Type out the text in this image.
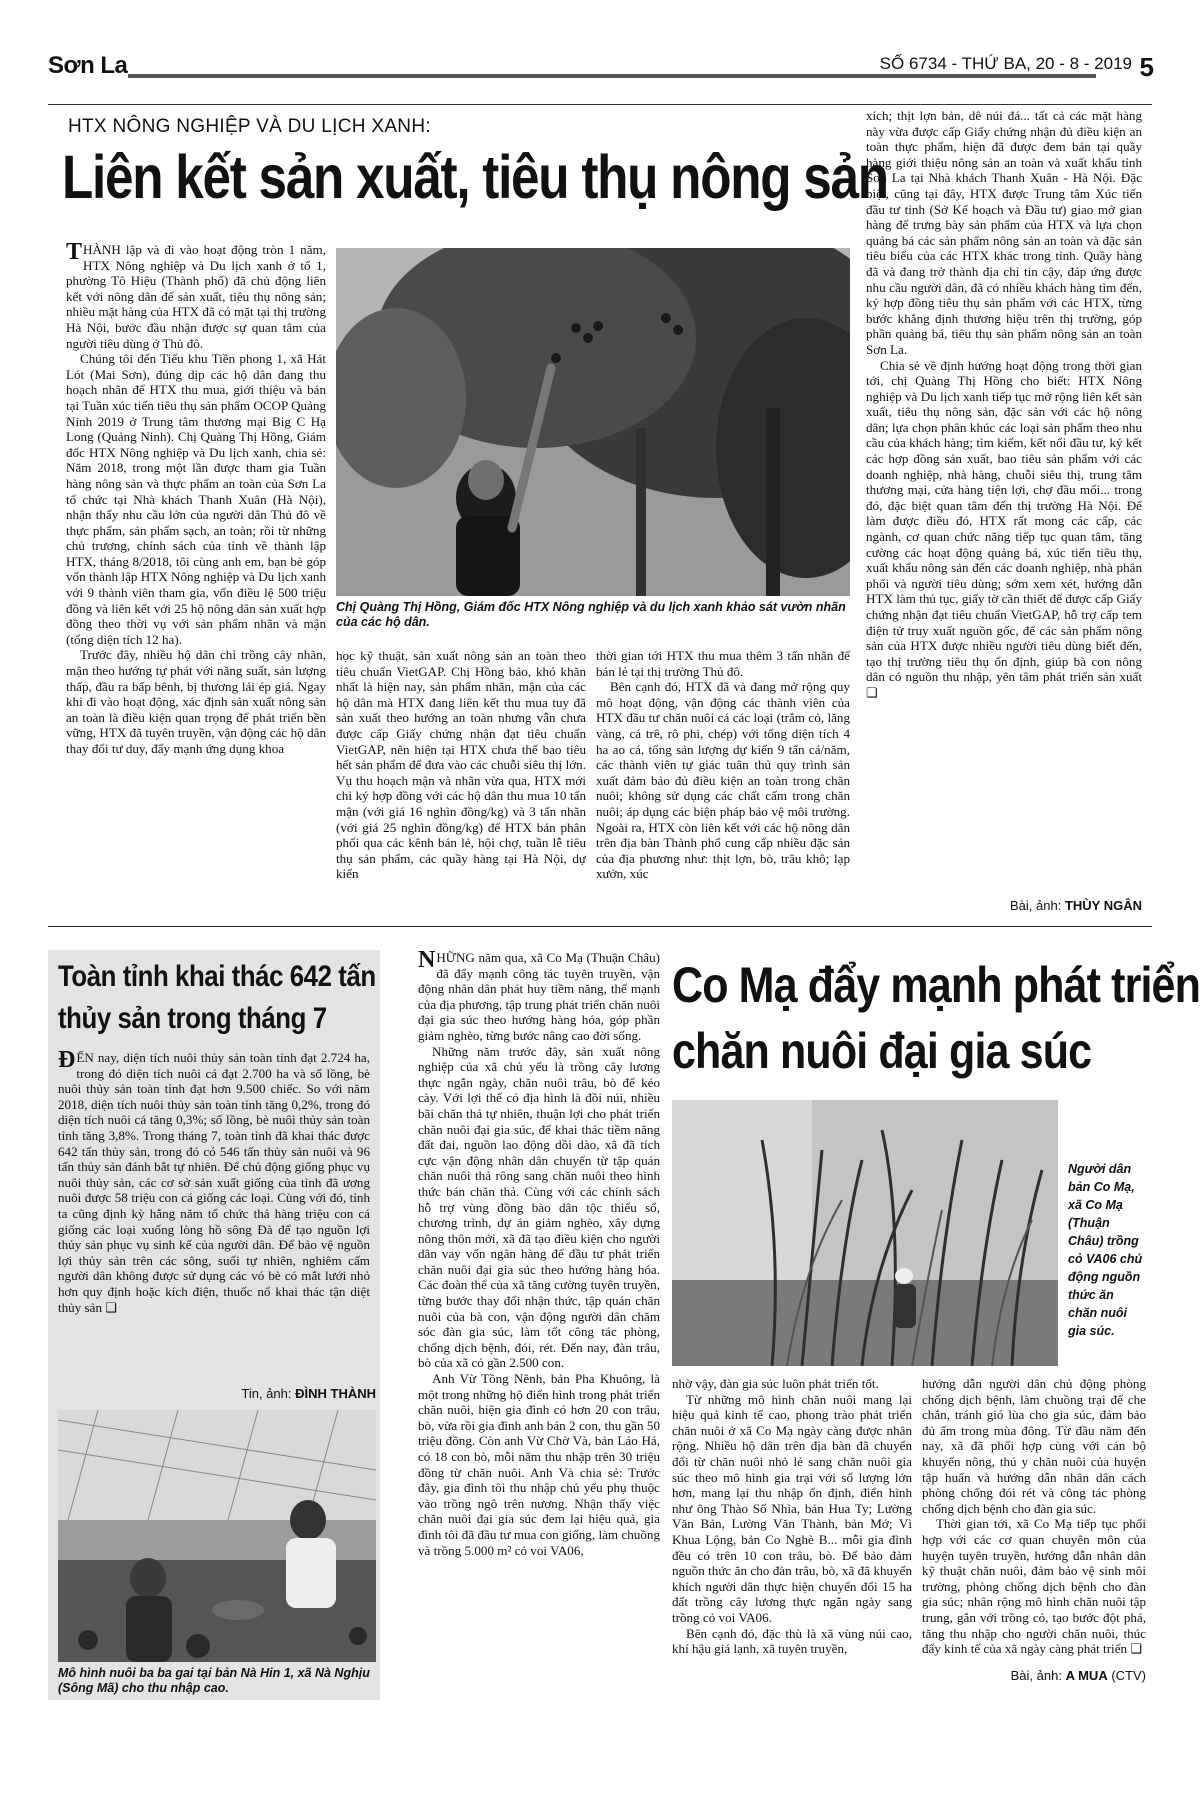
Sơn La	SỐ 6734 - THỨ BA, 20 - 8 - 2019 5
HTX NÔNG NGHIỆP VÀ DU LỊCH XANH:
Liên kết sản xuất, tiêu thụ nông sản
Chị Quàng Thị Hồng, Giám đốc HTX Nông nghiệp và du lịch xanh khảo sát vườn nhãn của các hộ dân.

THÀNH lập và đi vào hoạt động tròn 1 năm, HTX Nông nghiệp và Du lịch xanh ở tổ 1, phường Tô Hiệu (Thành phố) đã chủ động liên kết với nông dân để sản xuất, tiêu thụ nông sản; nhiều mặt hàng của HTX đã có mặt tại thị trường Hà Nội, bước đầu nhận được sự quan tâm của người tiêu dùng ở Thủ đô.

Chúng tôi đến Tiểu khu Tiền phong 1, xã Hát Lót (Mai Sơn), đúng dịp các hộ dân đang thu hoạch nhãn để HTX thu mua, giới thiệu và bán tại Tuần xúc tiến tiêu thụ sản phẩm OCOP Quảng Ninh 2019 ở Trung tâm thương mại Big C Hạ Long (Quảng Ninh). Chị Quàng Thị Hồng, Giám đốc HTX Nông nghiệp và Du lịch xanh, chia sẻ: Năm 2018, trong một lần được tham gia Tuần hàng nông sản và thực phẩm an toàn của Sơn La tổ chức tại Nhà khách Thanh Xuân (Hà Nội), nhận thấy nhu cầu lớn của người dân Thủ đô về thực phẩm, sản phẩm sạch, an toàn; rồi từ những chủ trương, chính sách của tỉnh về thành lập HTX, tháng 8/2018, tôi cùng anh em, bạn bè góp vốn thành lập HTX Nông nghiệp và Du lịch xanh với 9 thành viên tham gia, vốn điều lệ 500 triệu đồng và liên kết với 25 hộ nông dân sản xuất hợp đồng theo thời vụ với sản phẩm nhãn và mận (tổng diện tích 12 ha).

Trước đây, nhiều hộ dân chỉ trồng cây nhãn, mận theo hướng tự phát với năng suất, sản lượng thấp, đầu ra bấp bênh, bị thương lái ép giá. Ngay khi đi vào hoạt động, xác định sản xuất nông sản an toàn là điều kiện quan trọng để phát triển bền vững, HTX đã tuyên truyền, vận động các hộ dân thay đổi tư duy, đẩy mạnh ứng dụng khoa

học kỹ thuật, sản xuất nông sản an toàn theo tiêu chuẩn VietGAP. Chị Hồng bảo, khó khăn nhất là hiện nay, sản phẩm nhãn, mận của các hộ dân mà HTX đang liên kết thu mua tuy đã sản xuất theo hướng an toàn nhưng vẫn chưa được cấp Giấy chứng nhận đạt tiêu chuẩn VietGAP, nên hiện tại HTX chưa thể bao tiêu hết sản phẩm để đưa vào các chuỗi siêu thị lớn. Vụ thu hoạch mận và nhãn vừa qua, HTX mới chỉ ký hợp đồng với các hộ dân thu mua 10 tấn mận (với giá 16 nghìn đồng/kg) và 3 tấn nhãn (với giá 25 nghìn đồng/kg) để HTX bán phân phối qua các kênh bán lẻ, hội chợ, tuần lễ tiêu thụ sản phẩm, các quầy hàng tại Hà Nội, dự kiến

thời gian tới HTX thu mua thêm 3 tấn nhãn để bán lẻ tại thị trường Thủ đô.

Bên cạnh đó, HTX đã và đang mở rộng quy mô hoạt động, vận động các thành viên của HTX đầu tư chăn nuôi cá các loại (trắm cỏ, lăng vàng, cá trê, rô phi, chép) với tổng diện tích 4 ha ao cá, tổng sản lượng dự kiến 9 tấn cá/năm, các thành viên tự giác tuân thủ quy trình sản xuất đảm bảo đủ điều kiện an toàn trong chăn nuôi; không sử dụng các chất cấm trong chăn nuôi; áp dụng các biện pháp bảo vệ môi trường. Ngoài ra, HTX còn liên kết với các hộ nông dân trên địa bàn Thành phố cung cấp nhiều đặc sản của địa phương như: thịt lợn, bò, trâu khô; lạp xưởn, xúc

xích; thịt lợn bản, dê núi đá... tất cả các mặt hàng này vừa được cấp Giấy chứng nhận đủ điều kiện an toàn thực phẩm, hiện đã được đem bán tại quầy hàng giới thiệu nông sản an toàn và xuất khẩu tỉnh Sơn La tại Nhà khách Thanh Xuân - Hà Nội. Đặc biệt, cũng tại đây, HTX được Trung tâm Xúc tiến đầu tư tỉnh (Sở Kế hoạch và Đầu tư) giao mở gian hàng để trưng bày sản phẩm của HTX và lựa chọn quảng bá các sản phẩm nông sản an toàn và đặc sản tiêu biểu của các HTX khác trong tỉnh. Quầy hàng đã và đang trở thành địa chỉ tin cậy, đáp ứng được nhu cầu người dân, đã có nhiều khách hàng tìm đến, ký hợp đồng tiêu thụ sản phẩm với các HTX, từng bước khẳng định thương hiệu trên thị trường, góp phần quảng bá, tiêu thụ sản phẩm nông sản an toàn Sơn La.

Chia sẻ về định hướng hoạt động trong thời gian tới, chị Quàng Thị Hồng cho biết: HTX Nông nghiệp và Du lịch xanh tiếp tục mở rộng liên kết sản xuất, tiêu thụ nông sản, đặc sản với các hộ nông dân; lựa chọn phân khúc các loại sản phẩm theo nhu cầu của khách hàng; tìm kiếm, kết nối đầu tư, ký kết các hợp đồng sản xuất, bao tiêu sản phẩm với các doanh nghiệp, nhà hàng, chuỗi siêu thị, trung tâm thương mại, cửa hàng tiện lợi, chợ đầu mối... trong đó, đặc biệt quan tâm đến thị trường Hà Nội. Để làm được điều đó, HTX rất mong các cấp, các ngành, cơ quan chức năng tiếp tục quan tâm, tăng cường các hoạt động quảng bá, xúc tiến tiêu thụ, xuất khẩu nông sản đến các doanh nghiệp, nhà phân phối và người tiêu dùng; sớm xem xét, hướng dẫn HTX làm thủ tục, giấy tờ cần thiết để được cấp Giấy chứng nhận đạt tiêu chuẩn VietGAP, hỗ trợ cấp tem điện tử truy xuất nguồn gốc, để các sản phẩm nông sản của HTX được nhiều người tiêu dùng biết đến, tạo thị trường tiêu thụ ổn định, giúp bà con nông dân có nguồn thu nhập, yên tâm phát triển sản xuất ❏

Bài, ảnh: THÙY NGÂN
Toàn tỉnh khai thác 642 tấn
thủy sản trong tháng 7

ĐẾN nay, diện tích nuôi thủy sản toàn tỉnh đạt 2.724 ha, trong đó diện tích nuôi cá đạt 2.700 ha và số lồng, bè nuôi thủy sản toàn tỉnh đạt hơn 9.500 chiếc. So với năm 2018, diện tích nuôi thủy sản toàn tỉnh tăng 0,2%, trong đó diện tích nuôi cá tăng 0,3%; số lồng, bè nuôi thủy sản toàn tỉnh tăng 3,8%. Trong tháng 7, toàn tỉnh đã khai thác được 642 tấn thủy sản, trong đó có 546 tấn thủy sản nuôi và 96 tấn thủy sản đánh bắt tự nhiên. Để chủ động giống phục vụ nuôi thủy sản, các cơ sở sản xuất giống của tỉnh đã ương nuôi được 58 triệu con cá giống các loại. Cùng với đó, tỉnh ta cũng định kỳ hằng năm tổ chức thả hàng triệu con cá giống các loại xuống lòng hồ sông Đà để tạo nguồn lợi thủy sản phục vụ sinh kế của người dân. Để bảo vệ nguồn lợi thủy sản trên các sông, suối tự nhiên, nghiêm cấm người dân không được sử dụng các vó bè có mắt lưới nhỏ hơn quy định hoặc kích điện, thuốc nổ khai thác tận diệt thủy sản ❏

Tin, ảnh: ĐÌNH THÀNH
Mô hình nuôi ba ba gai tại bản Nà Hin 1, xã Nà Nghịu (Sông Mã) cho thu nhập cao.
Co Mạ đẩy mạnh phát triển
chăn nuôi đại gia súc

NHỮNG năm qua, xã Co Mạ (Thuận Châu) đã đẩy mạnh công tác tuyên truyền, vận động nhân dân phát huy tiềm năng, thế mạnh của địa phương, tập trung phát triển chăn nuôi đại gia súc theo hướng hàng hóa, góp phần giảm nghèo, từng bước nâng cao đời sống.

Những năm trước đây, sản xuất nông nghiệp của xã chủ yếu là trồng cây lương thực ngắn ngày, chăn nuôi trâu, bò để kéo cày. Với lợi thế có địa hình là đồi núi, nhiều bãi chăn thả tự nhiên, thuận lợi cho phát triển chăn nuôi đại gia súc, để khai thác tiềm năng đất đai, nguồn lao động dồi dào, xã đã tích cực vận động nhân dân chuyển từ tập quán chăn nuôi thả rông sang chăn nuôi theo hình thức bán chăn thả. Cùng với các chính sách hỗ trợ vùng đồng bào dân tộc thiểu số, chương trình, dự án giảm nghèo, xây dựng nông thôn mới, xã đã tạo điều kiện cho người dân vay vốn ngân hàng để đầu tư phát triển chăn nuôi đại gia súc theo hướng hàng hóa. Các đoàn thể của xã tăng cường tuyên truyền, từng bước thay đổi nhận thức, tập quán chăn nuôi của bà con, vận động người dân chăm sóc đàn gia súc, làm tốt công tác phòng, chống dịch bệnh, đói, rét. Đến nay, đàn trâu, bò của xã có gần 2.500 con.

Anh Vừ Tồng Nênh, bản Pha Khuông, là một trong những hộ điển hình trong phát triển chăn nuôi, hiện gia đình có hơn 20 con trâu, bò, vừa rồi gia đình anh bán 2 con, thu gần 50 triệu đồng. Còn anh Vừ Chờ Và, bản Láo Há, có 18 con bò, mỗi năm thu nhập trên 30 triệu đồng từ chăn nuôi. Anh Và chia sẻ: Trước đây, gia đình tôi thu nhập chủ yếu phụ thuộc vào trồng ngô trên nương. Nhận thấy việc chăn nuôi đại gia súc đem lại hiệu quả, gia đình tôi đã đầu tư mua con giống, làm chuồng và trồng 5.000 m² cỏ voi VA06,

Người dân bản Co Mạ, xã Co Mạ (Thuận Châu) trồng cỏ VA06 chủ động nguồn thức ăn chăn nuôi gia súc.

nhờ vậy, đàn gia súc luôn phát triển tốt.

Từ những mô hình chăn nuôi mang lại hiệu quả kinh tế cao, phong trào phát triển chăn nuôi ở xã Co Mạ ngày càng được nhân rộng. Nhiều hộ dân trên địa bàn đã chuyển đổi từ chăn nuôi nhỏ lẻ sang chăn nuôi gia súc theo mô hình gia trại với số lượng lớn hơn, mang lại thu nhập ổn định, điển hình như ông Thào Số Nhìa, bản Hua Ty; Lường Văn Bản, Lường Văn Thành, bản Mớ; Vì Khua Lộng, bản Co Nghè B... mỗi gia đình đều có trên 10 con trâu, bò. Để bảo đảm nguồn thức ăn cho đàn trâu, bò, xã đã khuyến khích người dân thực hiện chuyển đổi 15 ha đất trồng cây lương thực ngắn ngày sang trồng cỏ voi VA06.

Bên cạnh đó, đặc thù là xã vùng núi cao, khí hậu giá lạnh, xã tuyên truyền,

hướng dẫn người dân chủ động phòng chống dịch bệnh, làm chuồng trại để che chắn, tránh gió lùa cho gia súc, đảm bảo đủ ấm trong mùa đông. Từ đầu năm đến nay, xã đã phối hợp cùng với cán bộ khuyến nông, thú y chăn nuôi của huyện tập huấn và hướng dẫn nhân dân cách phòng chống đói rét và công tác phòng chống dịch bệnh cho đàn gia súc.

Thời gian tới, xã Co Mạ tiếp tục phối hợp với các cơ quan chuyên môn của huyện tuyên truyền, hướng dẫn nhân dân kỹ thuật chăn nuôi, đảm bảo vệ sinh môi trường, phòng chống dịch bệnh cho đàn gia súc; nhân rộng mô hình chăn nuôi tập trung, gắn với trồng cỏ, tạo bước đột phá, tăng thu nhập cho người chăn nuôi, thúc đẩy kinh tế của xã ngày càng phát triển ❏

Bài, ảnh: A MUA (CTV)
